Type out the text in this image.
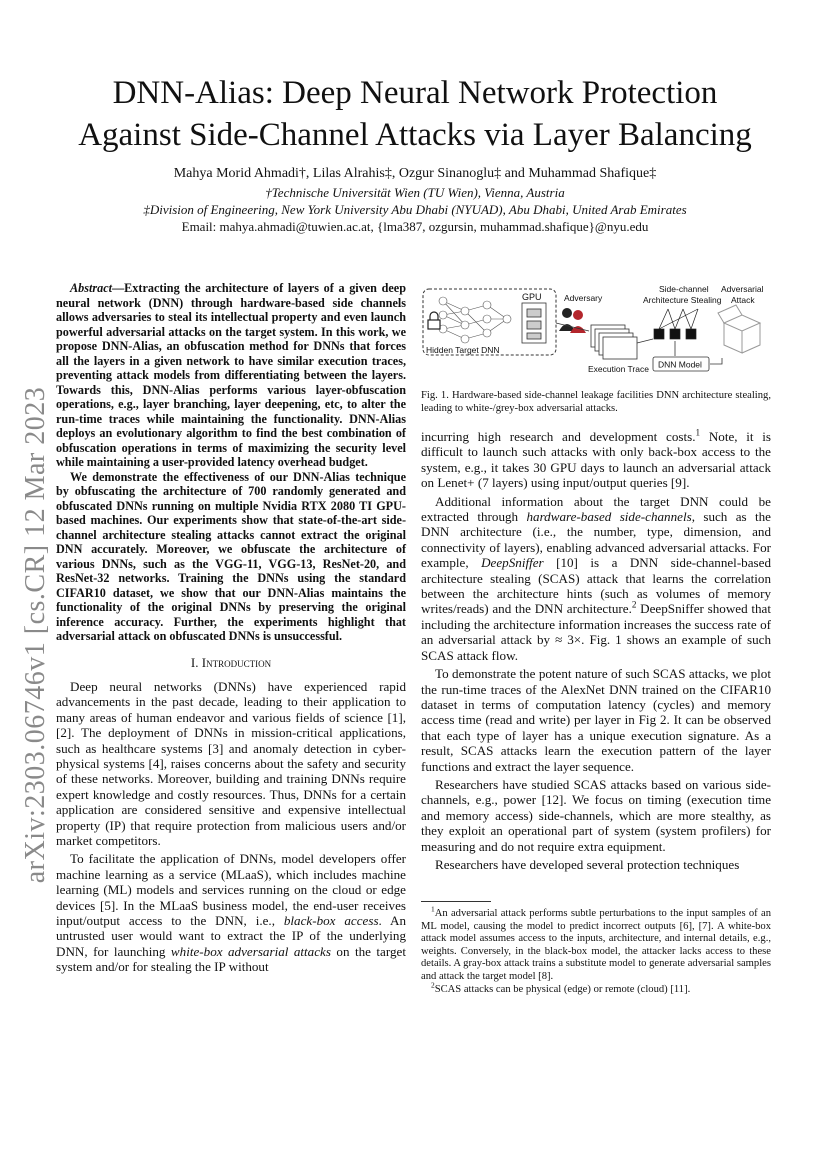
arXiv:2303.06746v1 [cs.CR] 12 Mar 2023
DNN-Alias: Deep Neural Network Protection
Against Side-Channel Attacks via Layer Balancing
Mahya Morid Ahmadi†, Lilas Alrahis‡, Ozgur Sinanoglu‡ and Muhammad Shafique‡
†Technische Universität Wien (TU Wien), Vienna, Austria
‡Division of Engineering, New York University Abu Dhabi (NYUAD), Abu Dhabi, United Arab Emirates
Email: mahya.ahmadi@tuwien.ac.at, {lma387, ozgursin, muhammad.shafique}@nyu.edu

Abstract—Extracting the architecture of layers of a given deep neural network (DNN) through hardware-based side channels allows adversaries to steal its intellectual property and even launch powerful adversarial attacks on the target system. In this work, we propose DNN-Alias, an obfuscation method for DNNs that forces all the layers in a given network to have similar execution traces, preventing attack models from differentiating between the layers. Towards this, DNN-Alias performs various layer-obfuscation operations, e.g., layer branching, layer deepening, etc, to alter the run-time traces while maintaining the functionality. DNN-Alias deploys an evolutionary algorithm to find the best combination of obfuscation operations in terms of maximizing the security level while maintaining a user-provided latency overhead budget.

We demonstrate the effectiveness of our DNN-Alias technique by obfuscating the architecture of 700 randomly generated and obfuscated DNNs running on multiple Nvidia RTX 2080 TI GPU-based machines. Our experiments show that state-of-the-art side-channel architecture stealing attacks cannot extract the original DNN accurately. Moreover, we obfuscate the architecture of various DNNs, such as the VGG-11, VGG-13, ResNet-20, and ResNet-32 networks. Training the DNNs using the standard CIFAR10 dataset, we show that our DNN-Alias maintains the functionality of the original DNNs by preserving the original inference accuracy. Further, the experiments highlight that adversarial attack on obfuscated DNNs is unsuccessful.

I. Introduction

Deep neural networks (DNNs) have experienced rapid advancements in the past decade, leading to their application to many areas of human endeavor and various fields of science [1], [2]. The deployment of DNNs in mission-critical applications, such as healthcare systems [3] and anomaly detection in cyber-physical systems [4], raises concerns about the safety and security of these networks. Moreover, building and training DNNs require expert knowledge and costly resources. Thus, DNNs for a certain application are considered sensitive and expensive intellectual property (IP) that require protection from malicious users and/or market competitors.

To facilitate the application of DNNs, model developers offer machine learning as a service (MLaaS), which includes machine learning (ML) models and services running on the cloud or edge devices [5]. In the MLaaS business model, the end-user receives input/output access to the DNN, i.e., black-box access. An untrusted user would want to extract the IP of the underlying DNN, for launching white-box adversarial attacks on the target system and/or for stealing the IP without

GPU
Hidden Target DNN
Adversary
Execution Trace
Side-channel
Architecture Stealing
DNN Model
Adversarial
Attack
Fig. 1. Hardware-based side-channel leakage facilities DNN architecture stealing, leading to white-/grey-box adversarial attacks.

incurring high research and development costs.$^1$ Note, it is difficult to launch such attacks with only back-box access to the system, e.g., it takes 30 GPU days to launch an adversarial attack on Lenet+ (7 layers) using input/output queries [9].

Additional information about the target DNN could be extracted through hardware-based side-channels, such as the DNN architecture (i.e., the number, type, dimension, and connectivity of layers), enabling advanced adversarial attacks. For example, DeepSniffer [10] is a DNN side-channel-based architecture stealing (SCAS) attack that learns the correlation between the architecture hints (such as volumes of memory writes/reads) and the DNN architecture.$^2$ DeepSniffer showed that including the architecture information increases the success rate of an adversarial attack by ≈ 3×. Fig. 1 shows an example of such SCAS attack flow.

To demonstrate the potent nature of such SCAS attacks, we plot the run-time traces of the AlexNet DNN trained on the CIFAR10 dataset in terms of computation latency (cycles) and memory access time (read and write) per layer in Fig 2. It can be observed that each type of layer has a unique execution signature. As a result, SCAS attacks learn the execution pattern of the layer functions and extract the layer sequence.

Researchers have studied SCAS attacks based on various side-channels, e.g., power [12]. We focus on timing (execution time and memory access) side-channels, which are more stealthy, as they exploit an operational part of system (system profilers) for measuring and do not require extra equipment.

Researchers have developed several protection techniques

$^1$An adversarial attack performs subtle perturbations to the input samples of an ML model, causing the model to predict incorrect outputs [6], [7]. A white-box attack model assumes access to the inputs, architecture, and internal details, e.g., weights. Conversely, in the black-box model, the attacker lacks access to these details. A gray-box attack trains a substitute model to generate adversarial samples and attack the target model [8].

$^2$SCAS attacks can be physical (edge) or remote (cloud) [11].
